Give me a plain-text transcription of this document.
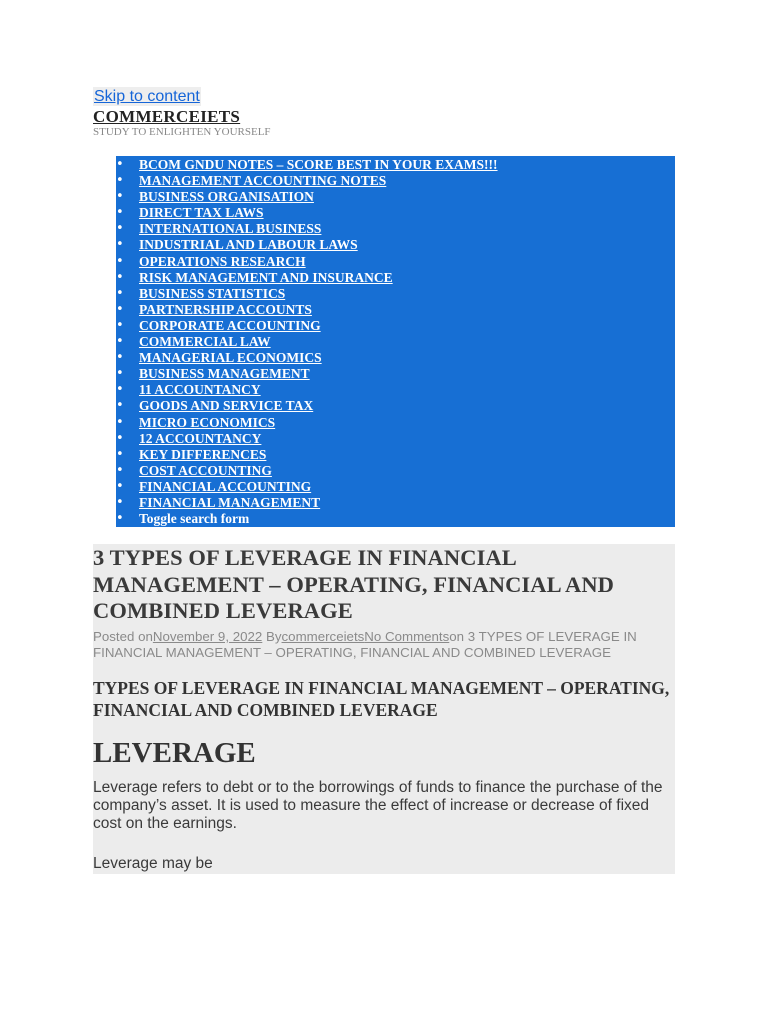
Skip to content
COMMERCEIETS
STUDY TO ENLIGHTEN YOURSELF
• BCOM GNDU NOTES – SCORE BEST IN YOUR EXAMS!!!
• MANAGEMENT ACCOUNTING NOTES
• BUSINESS ORGANISATION
• DIRECT TAX LAWS
• INTERNATIONAL BUSINESS
• INDUSTRIAL AND LABOUR LAWS
• OPERATIONS RESEARCH
• RISK MANAGEMENT AND INSURANCE
• BUSINESS STATISTICS
• PARTNERSHIP ACCOUNTS
• CORPORATE ACCOUNTING
• COMMERCIAL LAW
• MANAGERIAL ECONOMICS
• BUSINESS MANAGEMENT
• 11 ACCOUNTANCY
• GOODS AND SERVICE TAX
• MICRO ECONOMICS
• 12 ACCOUNTANCY
• KEY DIFFERENCES
• COST ACCOUNTING
• FINANCIAL ACCOUNTING
• FINANCIAL MANAGEMENT
• Toggle search form
3 TYPES OF LEVERAGE IN FINANCIAL MANAGEMENT – OPERATING, FINANCIAL AND COMBINED LEVERAGE
Posted onNovember 9, 2022 BycommerceietsNo Commentson 3 TYPES OF LEVERAGE IN FINANCIAL MANAGEMENT – OPERATING, FINANCIAL AND COMBINED LEVERAGE
TYPES OF LEVERAGE IN FINANCIAL MANAGEMENT – OPERATING, FINANCIAL AND COMBINED LEVERAGE
LEVERAGE

Leverage refers to debt or to the borrowings of funds to finance the purchase of the company’s asset. It is used to measure the effect of increase or decrease of fixed cost on the earnings.

Leverage may be
